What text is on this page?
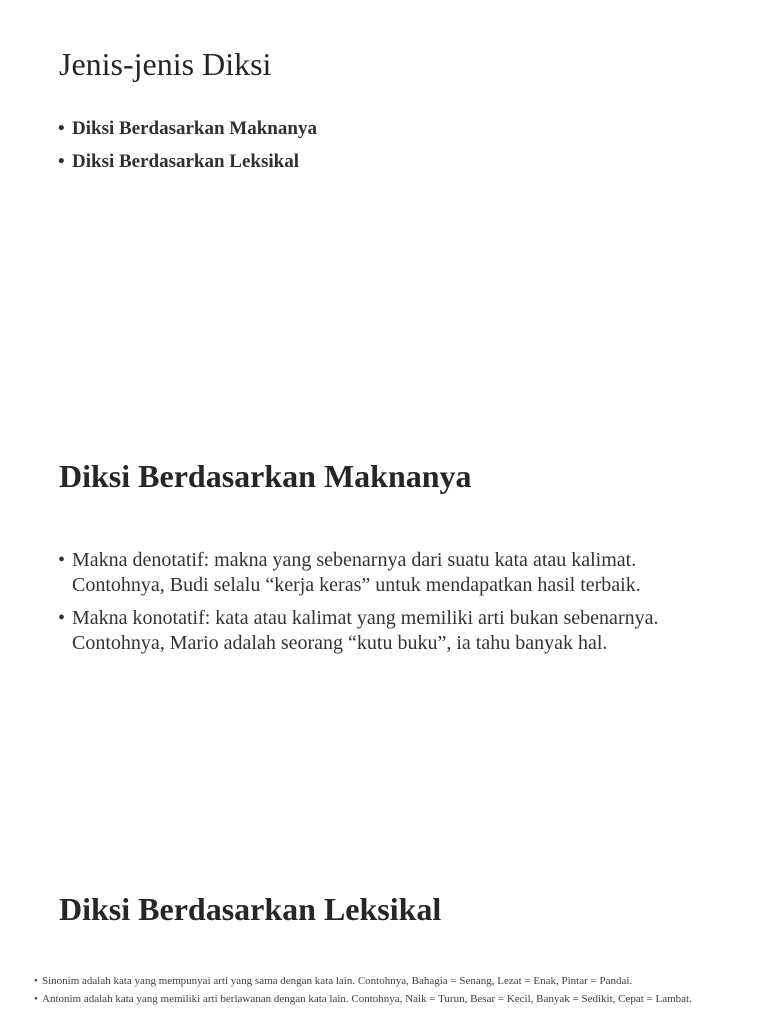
Jenis-jenis Diksi
• Diksi Berdasarkan Maknanya
• Diksi Berdasarkan Leksikal
Diksi Berdasarkan Maknanya
• Makna denotatif: makna yang sebenarnya dari suatu kata atau kalimat. Contohnya, Budi selalu “kerja keras” untuk mendapatkan hasil terbaik.
• Makna konotatif: kata atau kalimat yang memiliki arti bukan sebenarnya. Contohnya, Mario adalah seorang “kutu buku”, ia tahu banyak hal.
Diksi Berdasarkan Leksikal
• Sinonim adalah kata yang mempunyai arti yang sama dengan kata lain. Contohnya, Bahagia = Senang, Lezat = Enak, Pintar = Pandai.
• Antonim adalah kata yang memiliki arti berlawanan dengan kata lain. Contohnya, Naik = Turun, Besar = Kecil, Banyak = Sedikit, Cepat = Lambat.
